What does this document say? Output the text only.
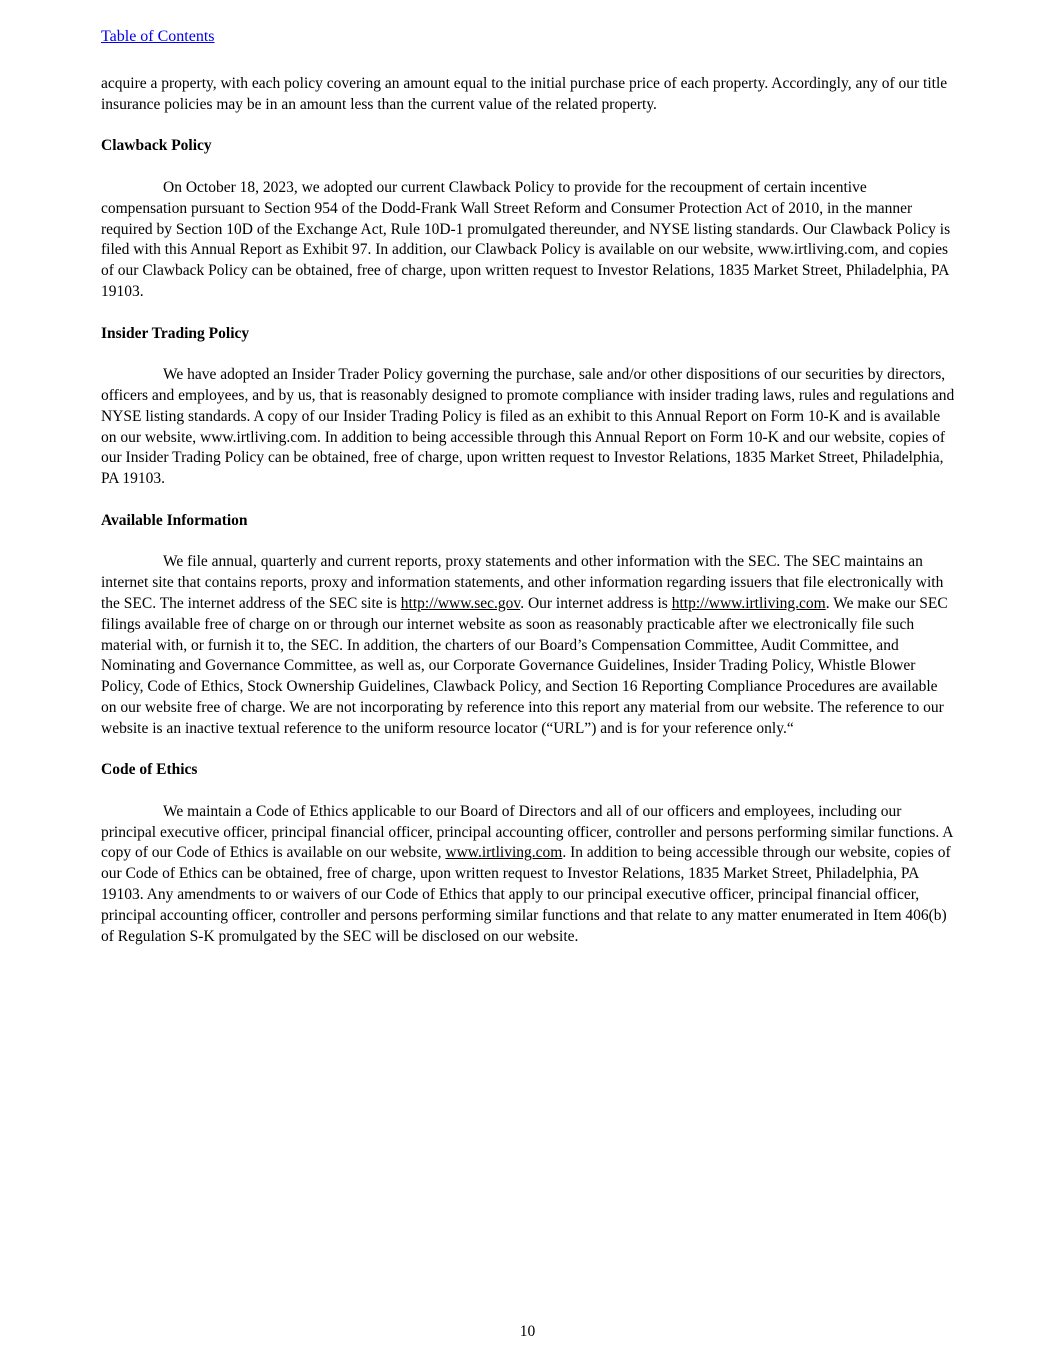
Table of Contents

acquire a property, with each policy covering an amount equal to the initial purchase price of each property. Accordingly, any of our title insurance policies may be in an amount less than the current value of the related property.

Clawback Policy

On October 18, 2023, we adopted our current Clawback Policy to provide for the recoupment of certain incentive compensation pursuant to Section 954 of the Dodd-Frank Wall Street Reform and Consumer Protection Act of 2010, in the manner required by Section 10D of the Exchange Act, Rule 10D-1 promulgated thereunder, and NYSE listing standards. Our Clawback Policy is filed with this Annual Report as Exhibit 97. In addition, our Clawback Policy is available on our website, www.irtliving.com, and copies of our Clawback Policy can be obtained, free of charge, upon written request to Investor Relations, 1835 Market Street, Philadelphia, PA 19103.

Insider Trading Policy

We have adopted an Insider Trader Policy governing the purchase, sale and/or other dispositions of our securities by directors, officers and employees, and by us, that is reasonably designed to promote compliance with insider trading laws, rules and regulations and NYSE listing standards. A copy of our Insider Trading Policy is filed as an exhibit to this Annual Report on Form 10-K and is available on our website, www.irtliving.com. In addition to being accessible through this Annual Report on Form 10-K and our website, copies of our Insider Trading Policy can be obtained, free of charge, upon written request to Investor Relations, 1835 Market Street, Philadelphia, PA 19103.

Available Information

We file annual, quarterly and current reports, proxy statements and other information with the SEC. The SEC maintains an internet site that contains reports, proxy and information statements, and other information regarding issuers that file electronically with the SEC. The internet address of the SEC site is http://www.sec.gov. Our internet address is http://www.irtliving.com. We make our SEC filings available free of charge on or through our internet website as soon as reasonably practicable after we electronically file such material with, or furnish it to, the SEC. In addition, the charters of our Board’s Compensation Committee, Audit Committee, and Nominating and Governance Committee, as well as, our Corporate Governance Guidelines, Insider Trading Policy, Whistle Blower Policy, Code of Ethics, Stock Ownership Guidelines, Clawback Policy, and Section 16 Reporting Compliance Procedures are available on our website free of charge. We are not incorporating by reference into this report any material from our website. The reference to our website is an inactive textual reference to the uniform resource locator (“URL”) and is for your reference only.“

Code of Ethics

We maintain a Code of Ethics applicable to our Board of Directors and all of our officers and employees, including our principal executive officer, principal financial officer, principal accounting officer, controller and persons performing similar functions. A copy of our Code of Ethics is available on our website, www.irtliving.com. In addition to being accessible through our website, copies of our Code of Ethics can be obtained, free of charge, upon written request to Investor Relations, 1835 Market Street, Philadelphia, PA 19103. Any amendments to or waivers of our Code of Ethics that apply to our principal executive officer, principal financial officer, principal accounting officer, controller and persons performing similar functions and that relate to any matter enumerated in Item 406(b) of Regulation S-K promulgated by the SEC will be disclosed on our website.

10
